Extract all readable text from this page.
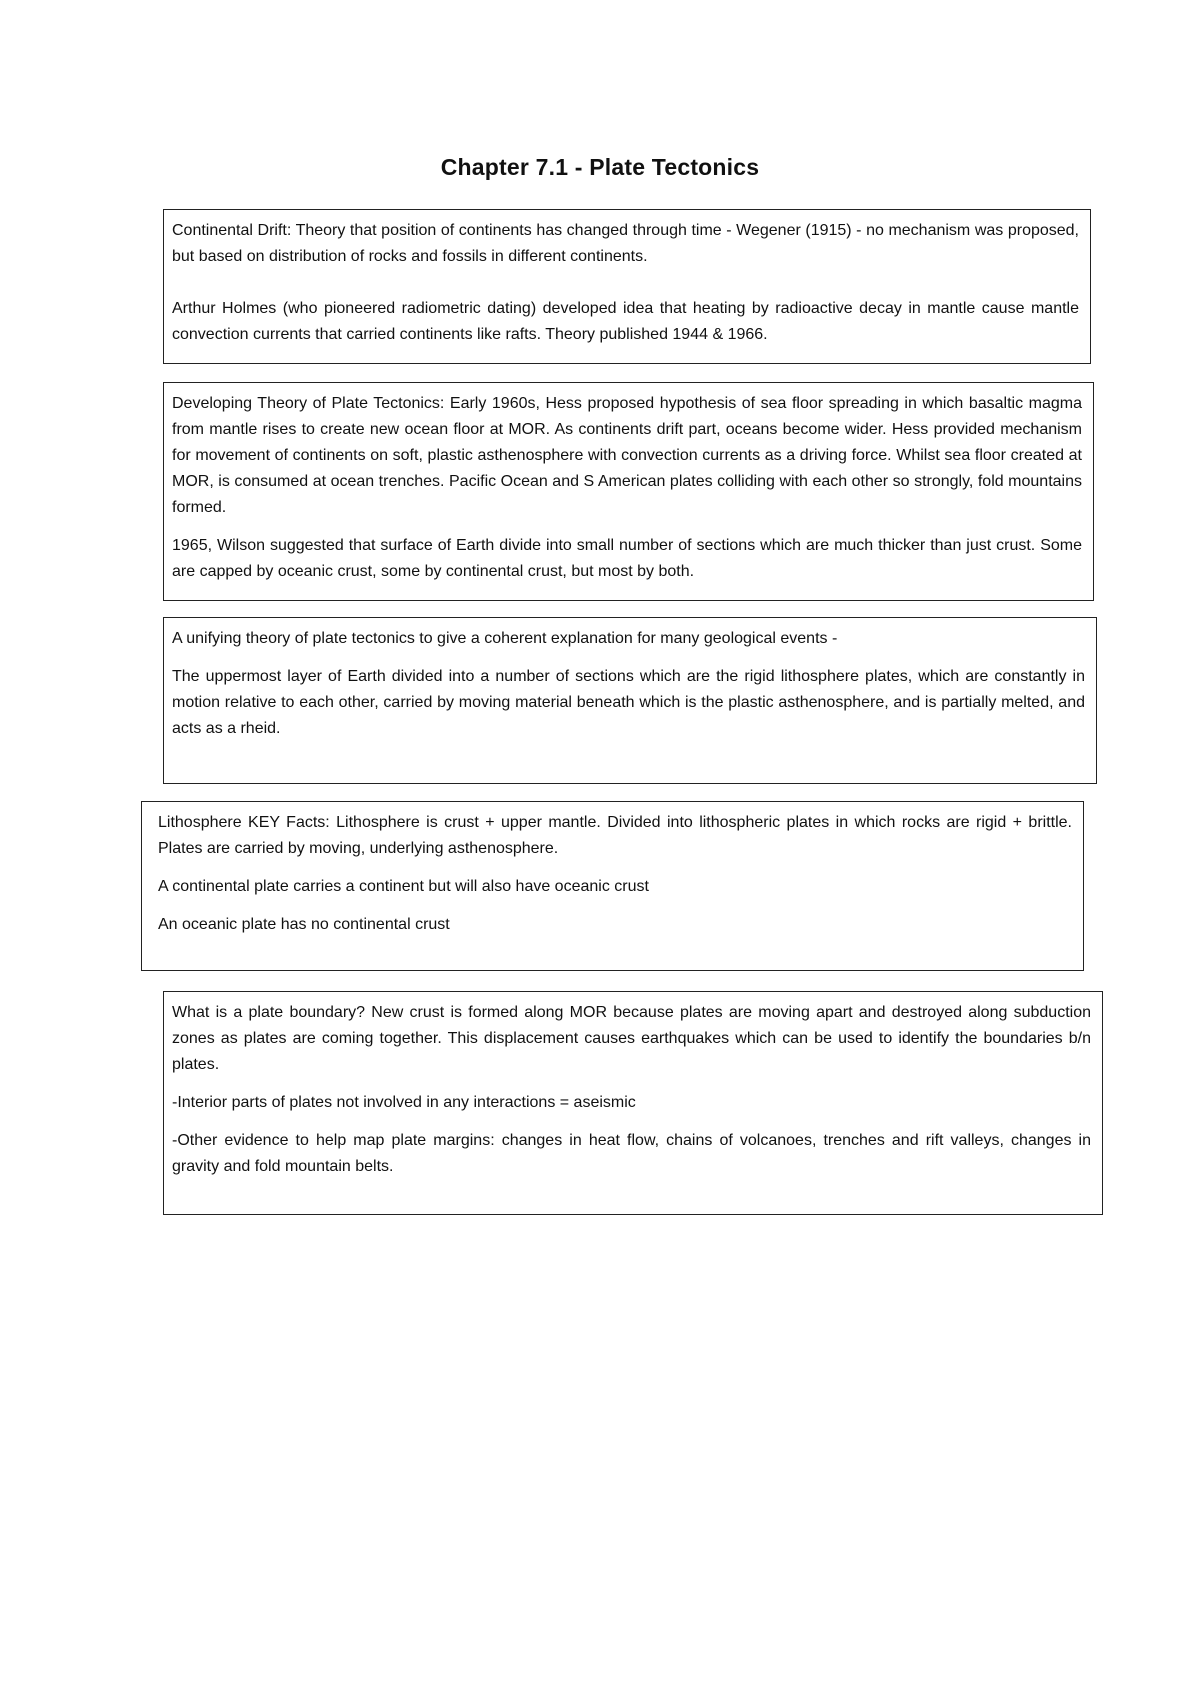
Chapter 7.1 - Plate Tectonics

Continental Drift: Theory that position of continents has changed through time - Wegener (1915) - no mechanism was proposed, but based on distribution of rocks and fossils in different continents.

Arthur Holmes (who pioneered radiometric dating) developed idea that heating by radioactive decay in mantle cause mantle convection currents that carried continents like rafts. Theory published 1944 & 1966.

Developing Theory of Plate Tectonics: Early 1960s, Hess proposed hypothesis of sea floor spreading in which basaltic magma from mantle rises to create new ocean floor at MOR. As continents drift part, oceans become wider. Hess provided mechanism for movement of continents on soft, plastic asthenosphere with convection currents as a driving force. Whilst sea floor created at MOR, is consumed at ocean trenches. Pacific Ocean and S American plates colliding with each other so strongly, fold mountains formed.

1965, Wilson suggested that surface of Earth divide into small number of sections which are much thicker than just crust. Some are capped by oceanic crust, some by continental crust, but most by both.

A unifying theory of plate tectonics to give a coherent explanation for many geological events -

The uppermost layer of Earth divided into a number of sections which are the rigid lithosphere plates, which are constantly in motion relative to each other, carried by moving material beneath which is the plastic asthenosphere, and is partially melted, and acts as a rheid.

Lithosphere KEY Facts: Lithosphere is crust + upper mantle. Divided into lithospheric plates in which rocks are rigid + brittle. Plates are carried by moving, underlying asthenosphere.

A continental plate carries a continent but will also have oceanic crust

An oceanic plate has no continental crust

What is a plate boundary? New crust is formed along MOR because plates are moving apart and destroyed along subduction zones as plates are coming together. This displacement causes earthquakes which can be used to identify the boundaries b/n plates.

-Interior parts of plates not involved in any interactions = aseismic

-Other evidence to help map plate margins: changes in heat flow, chains of volcanoes, trenches and rift valleys, changes in gravity and fold mountain belts.
